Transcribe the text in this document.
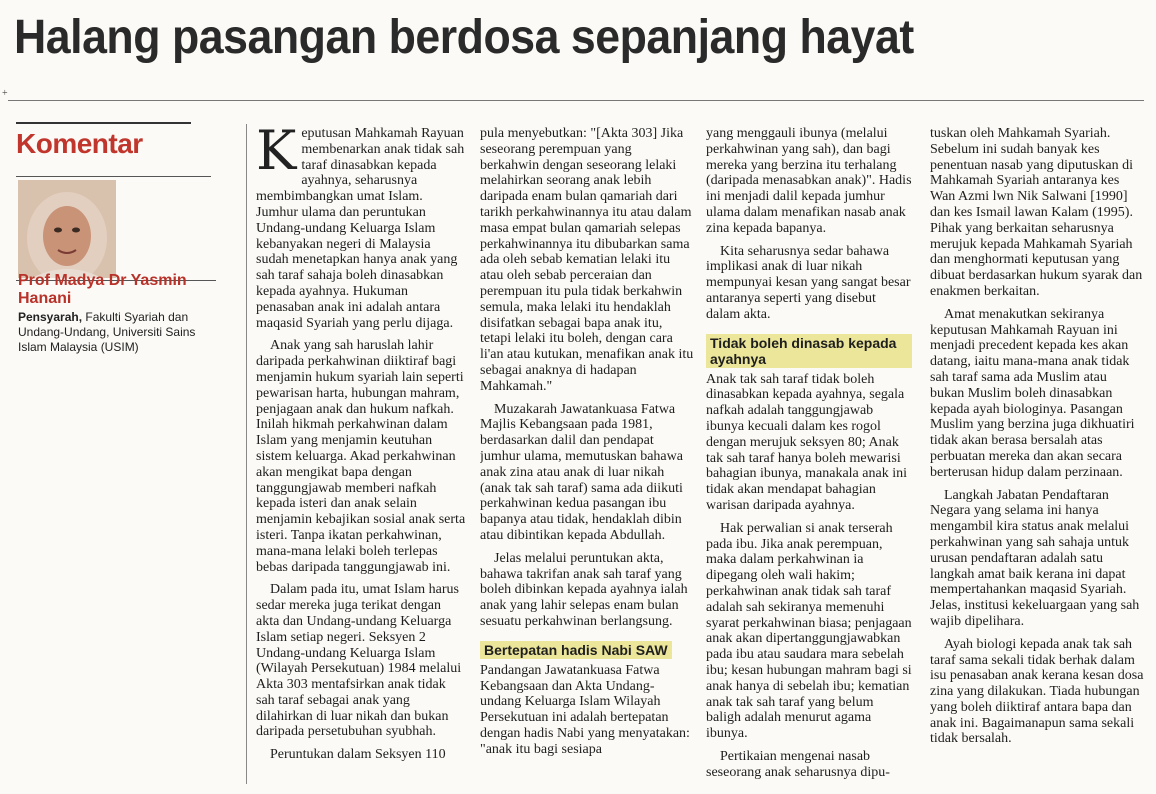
Halang pasangan berdosa sepanjang hayat
+
Komentar
Prof Madya Dr Yasmin Hanani
Pensyarah, Fakulti Syariah dan Undang-Undang, Universiti Sains Islam Malaysia (USIM)

Keputusan Mahkamah Rayuan membenarkan anak tidak sah taraf dinasabkan kepada ayahnya, seharusnya membimbangkan umat Islam. Jumhur ulama dan peruntukan Undang-undang Keluarga Islam kebanyakan negeri di Malaysia sudah menetapkan hanya anak yang sah taraf sahaja boleh dinasabkan kepada ayahnya. Hukuman penasaban anak ini adalah antara maqasid Syariah yang perlu dijaga.

Anak yang sah haruslah lahir daripada perkahwinan diiktiraf bagi menjamin hukum syariah lain seperti pewarisan harta, hubungan mahram, penjagaan anak dan hukum nafkah. Inilah hikmah perkahwinan dalam Islam yang menjamin keutuhan sistem keluarga. Akad perkahwinan akan mengikat bapa dengan tanggungjawab memberi nafkah kepada isteri dan anak selain menjamin kebajikan sosial anak serta isteri. Tanpa ikatan perkahwinan, mana-mana lelaki boleh terlepas bebas daripada tanggungjawab ini.

Dalam pada itu, umat Islam harus sedar mereka juga terikat dengan akta dan Undang-undang Keluarga Islam setiap negeri. Seksyen 2 Undang-undang Keluarga Islam (Wilayah Persekutuan) 1984 melalui Akta 303 mentafsirkan anak tidak sah taraf sebagai anak yang dilahirkan di luar nikah dan bukan daripada persetubuhan syubhah.

Peruntukan dalam Seksyen 110

pula menyebutkan: "[Akta 303] Jika seseorang perempuan yang berkahwin dengan seseorang lelaki melahirkan seorang anak lebih daripada enam bulan qamariah dari tarikh perkahwinannya itu atau dalam masa empat bulan qamariah selepas perkahwinannya itu dibubarkan sama ada oleh sebab kematian lelaki itu atau oleh sebab perceraian dan perempuan itu pula tidak berkahwin semula, maka lelaki itu hendaklah disifatkan sebagai bapa anak itu, tetapi lelaki itu boleh, dengan cara li'an atau kutukan, menafikan anak itu sebagai anaknya di hadapan Mahkamah."

Muzakarah Jawatankuasa Fatwa Majlis Kebangsaan pada 1981, berdasarkan dalil dan pendapat jumhur ulama, memutuskan bahawa anak zina atau anak di luar nikah (anak tak sah taraf) sama ada diikuti perkahwinan kedua pasangan ibu bapanya atau tidak, hendaklah dibin atau dibintikan kepada Abdullah.

Jelas melalui peruntukan akta, bahawa takrifan anak sah taraf yang boleh dibinkan kepada ayahnya ialah anak yang lahir selepas enam bulan sesuatu perkahwinan berlangsung.

Bertepatan hadis Nabi SAW

Pandangan Jawatankuasa Fatwa Kebangsaan dan Akta Undang-undang Keluarga Islam Wilayah Persekutuan ini adalah bertepatan dengan hadis Nabi yang menyatakan: "anak itu bagi sesiapa

yang menggauli ibunya (melalui perkahwinan yang sah), dan bagi mereka yang berzina itu terhalang (daripada menasabkan anak)". Hadis ini menjadi dalil kepada jumhur ulama dalam menafikan nasab anak zina kepada bapanya.

Kita seharusnya sedar bahawa implikasi anak di luar nikah mempunyai kesan yang sangat besar antaranya seperti yang disebut dalam akta.

Tidak boleh dinasab kepada ayahnya

Anak tak sah taraf tidak boleh dinasabkan kepada ayahnya, segala nafkah adalah tanggungjawab ibunya kecuali dalam kes rogol dengan merujuk seksyen 80; Anak tak sah taraf hanya boleh mewarisi bahagian ibunya, manakala anak ini tidak akan mendapat bahagian warisan daripada ayahnya.

Hak perwalian si anak terserah pada ibu. Jika anak perempuan, maka dalam perkahwinan ia dipegang oleh wali hakim; perkahwinan anak tidak sah taraf adalah sah sekiranya memenuhi syarat perkahwinan biasa; penjagaan anak akan dipertanggungjawabkan pada ibu atau saudara mara sebelah ibu; kesan hubungan mahram bagi si anak hanya di sebelah ibu; kematian anak tak sah taraf yang belum baligh adalah menurut agama ibunya.

Pertikaian mengenai nasab seseorang anak seharusnya dipu-

tuskan oleh Mahkamah Syariah. Sebelum ini sudah banyak kes penentuan nasab yang diputuskan di Mahkamah Syariah antaranya kes Wan Azmi lwn Nik Salwani [1990] dan kes Ismail lawan Kalam (1995). Pihak yang berkaitan seharusnya merujuk kepada Mahkamah Syariah dan menghormati keputusan yang dibuat berdasarkan hukum syarak dan enakmen berkaitan.

Amat menakutkan sekiranya keputusan Mahkamah Rayuan ini menjadi precedent kepada kes akan datang, iaitu mana-mana anak tidak sah taraf sama ada Muslim atau bukan Muslim boleh dinasabkan kepada ayah biologinya. Pasangan Muslim yang berzina juga dikhuatiri tidak akan berasa bersalah atas perbuatan mereka dan akan secara berterusan hidup dalam perzinaan.

Langkah Jabatan Pendaftaran Negara yang selama ini hanya mengambil kira status anak melalui perkahwinan yang sah sahaja untuk urusan pendaftaran adalah satu langkah amat baik kerana ini dapat mempertahankan maqasid Syariah. Jelas, institusi kekeluargaan yang sah wajib dipelihara.

Ayah biologi kepada anak tak sah taraf sama sekali tidak berhak dalam isu penasaban anak kerana kesan dosa zina yang dilakukan. Tiada hubungan yang boleh diiktiraf antara bapa dan anak ini. Bagaimanapun sama sekali tidak bersalah.
